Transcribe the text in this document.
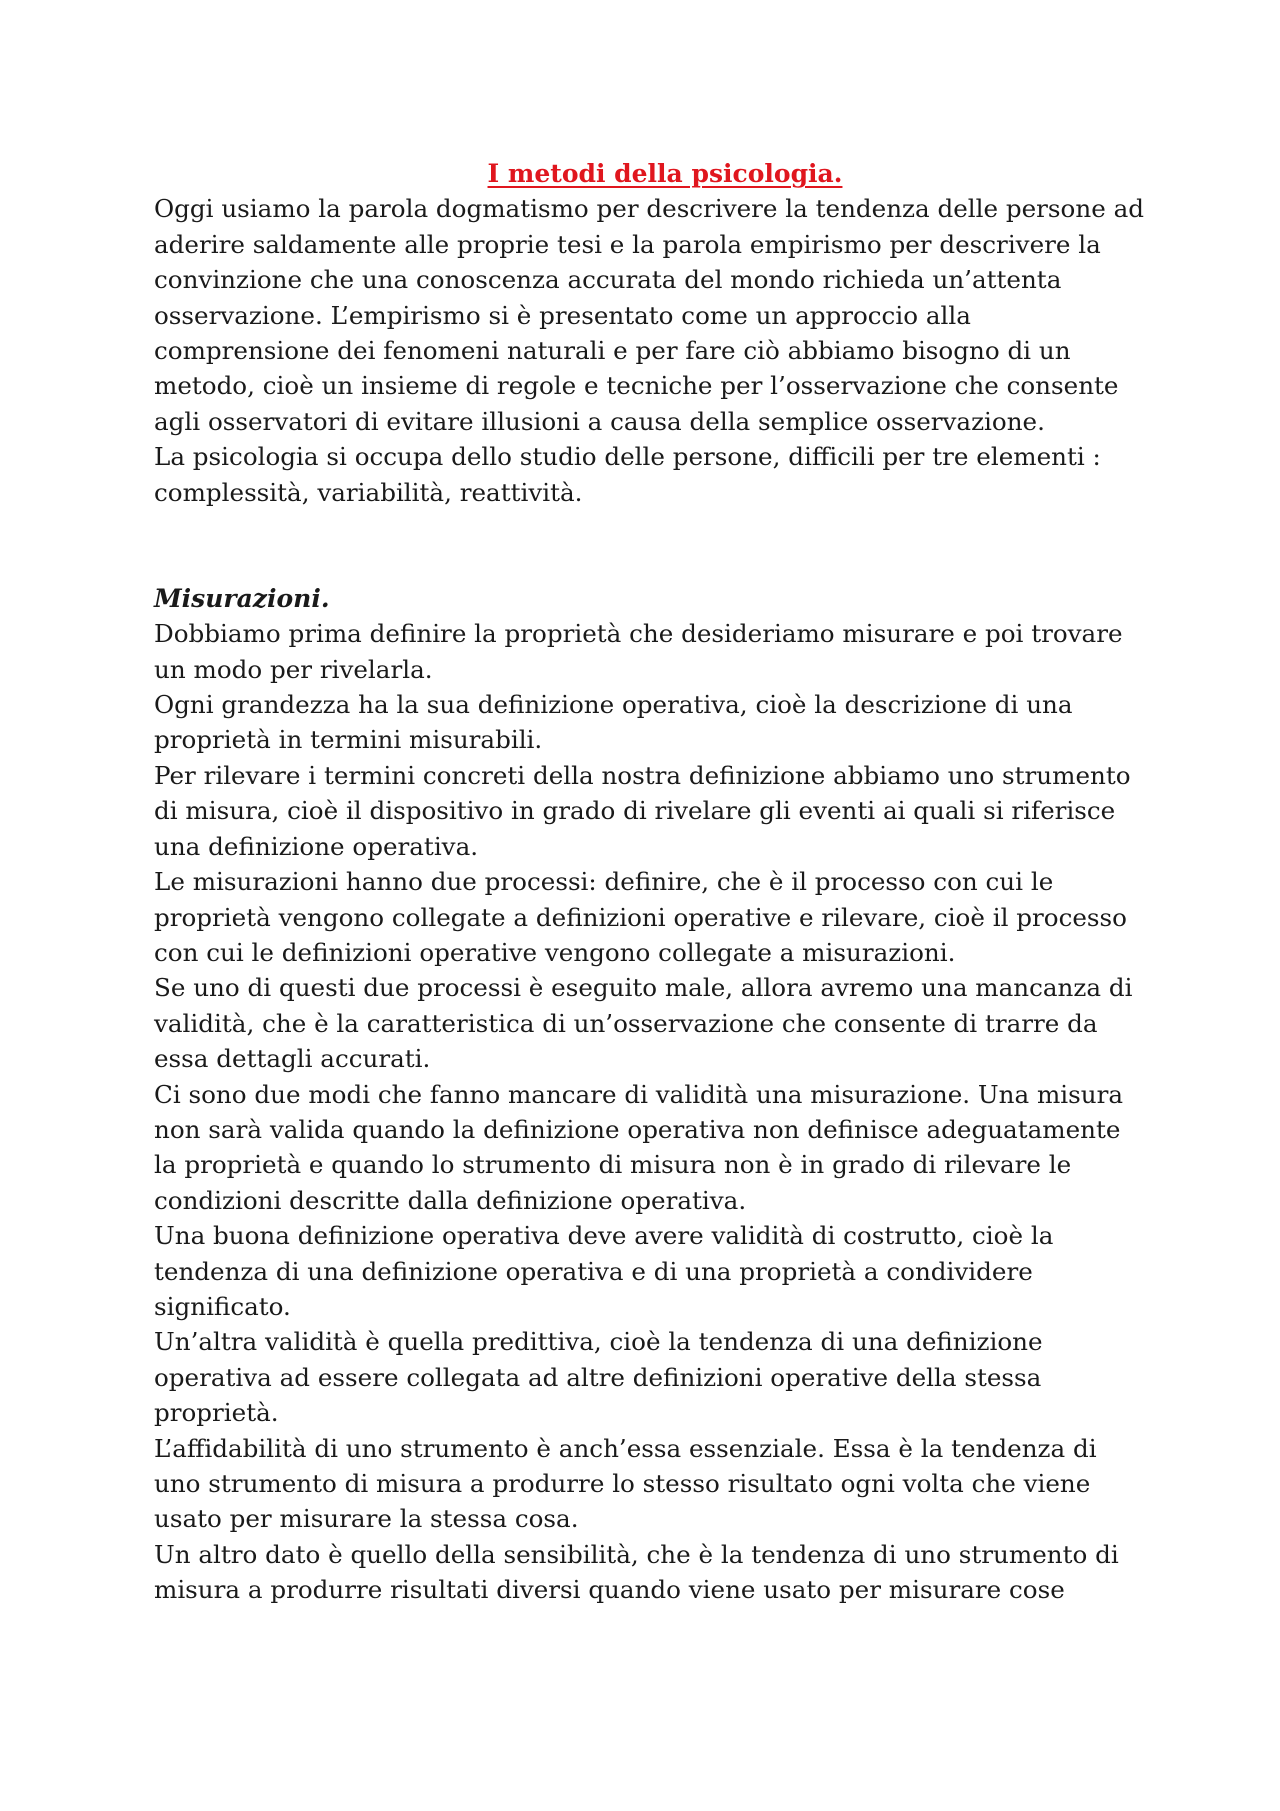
I metodi della psicologia.

Oggi usiamo la parola dogmatismo per descrivere la tendenza delle persone ad aderire saldamente alle proprie tesi e la parola empirismo per descrivere la convinzione che una conoscenza accurata del mondo richieda un’attenta osservazione. L’empirismo si è presentato come un approccio alla comprensione dei fenomeni naturali e per fare ciò abbiamo bisogno di un metodo, cioè un insieme di regole e tecniche per l’osservazione che consente agli osservatori di evitare illusioni a causa della semplice osservazione.

La psicologia si occupa dello studio delle persone, difficili per tre elementi : complessità, variabilità, reattività.

Misurazioni.

Dobbiamo prima definire la proprietà che desideriamo misurare e poi trovare un modo per rivelarla.

Ogni grandezza ha la sua definizione operativa, cioè la descrizione di una proprietà in termini misurabili.

Per rilevare i termini concreti della nostra definizione abbiamo uno strumento di misura, cioè il dispositivo in grado di rivelare gli eventi ai quali si riferisce una definizione operativa.

Le misurazioni hanno due processi: definire, che è il processo con cui le proprietà vengono collegate a definizioni operative e rilevare, cioè il processo con cui le definizioni operative vengono collegate a misurazioni.

Se uno di questi due processi è eseguito male, allora avremo una mancanza di validità, che è la caratteristica di un’osservazione che consente di trarre da essa dettagli accurati.

Ci sono due modi che fanno mancare di validità una misurazione. Una misura non sarà valida quando la definizione operativa non definisce adeguatamente la proprietà e quando lo strumento di misura non è in grado di rilevare le condizioni descritte dalla definizione operativa.

Una buona definizione operativa deve avere validità di costrutto, cioè la tendenza di una definizione operativa e di una proprietà a condividere significato.

Un’altra validità è quella predittiva, cioè la tendenza di una definizione operativa ad essere collegata ad altre definizioni operative della stessa proprietà.

L’affidabilità di uno strumento è anch’essa essenziale. Essa è la tendenza di uno strumento di misura a produrre lo stesso risultato ogni volta che viene usato per misurare la stessa cosa.

Un altro dato è quello della sensibilità, che è la tendenza di uno strumento di misura a produrre risultati diversi quando viene usato per misurare cose
